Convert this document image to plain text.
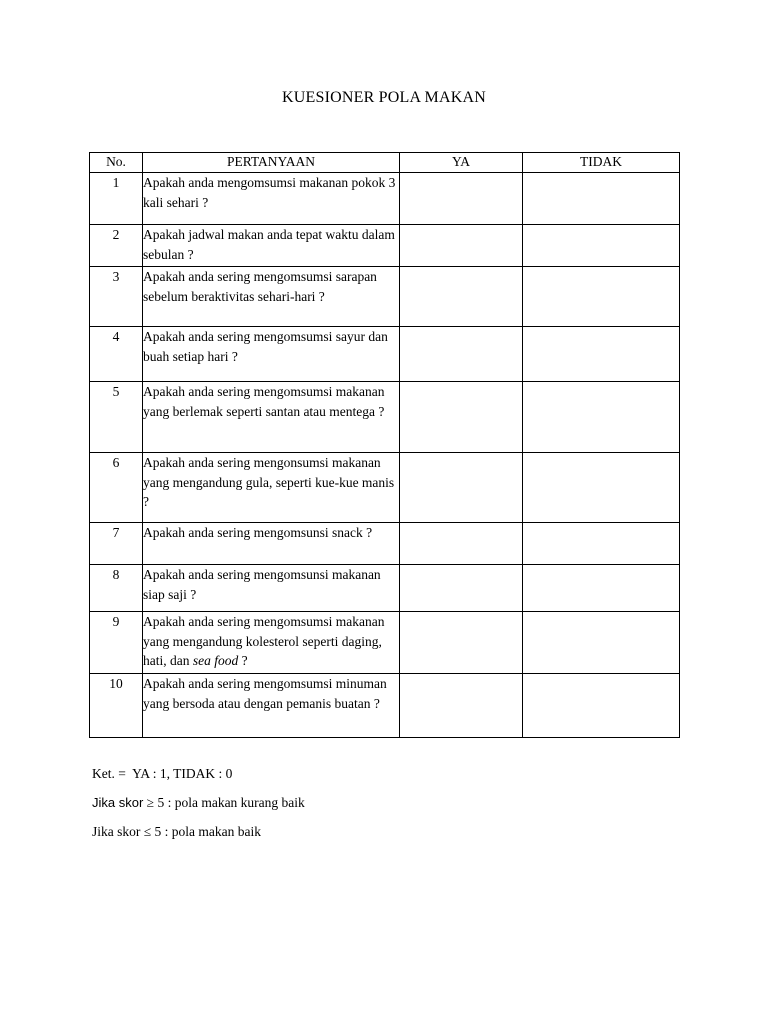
KUESIONER POLA MAKAN
No.	PERTANYAAN	YA	TIDAK
1	Apakah anda mengomsumsi makanan pokok 3 kali sehari ?		
2	Apakah jadwal makan anda tepat waktu dalam sebulan ?		
3	Apakah anda sering mengomsumsi sarapan sebelum beraktivitas sehari-hari ?		
4	Apakah anda sering mengomsumsi sayur dan buah setiap hari ?		
5	Apakah anda sering mengomsumsi makanan yang berlemak seperti santan atau mentega ?		
6	Apakah anda sering mengonsumsi makanan yang mengandung gula, seperti kue-kue manis ?		
7	Apakah anda sering mengomsunsi snack ?		
8	Apakah anda sering mengomsunsi makanan siap saji ?		
9	Apakah anda sering mengomsumsi makanan yang mengandung kolesterol seperti daging, hati, dan sea food ?		
10	Apakah anda sering mengomsumsi minuman yang bersoda atau dengan pemanis buatan ?		
Ket. = YA : 1, TIDAK : 0
Jika skor ≥ 5 : pola makan kurang baik
Jika skor ≤ 5 : pola makan baik
